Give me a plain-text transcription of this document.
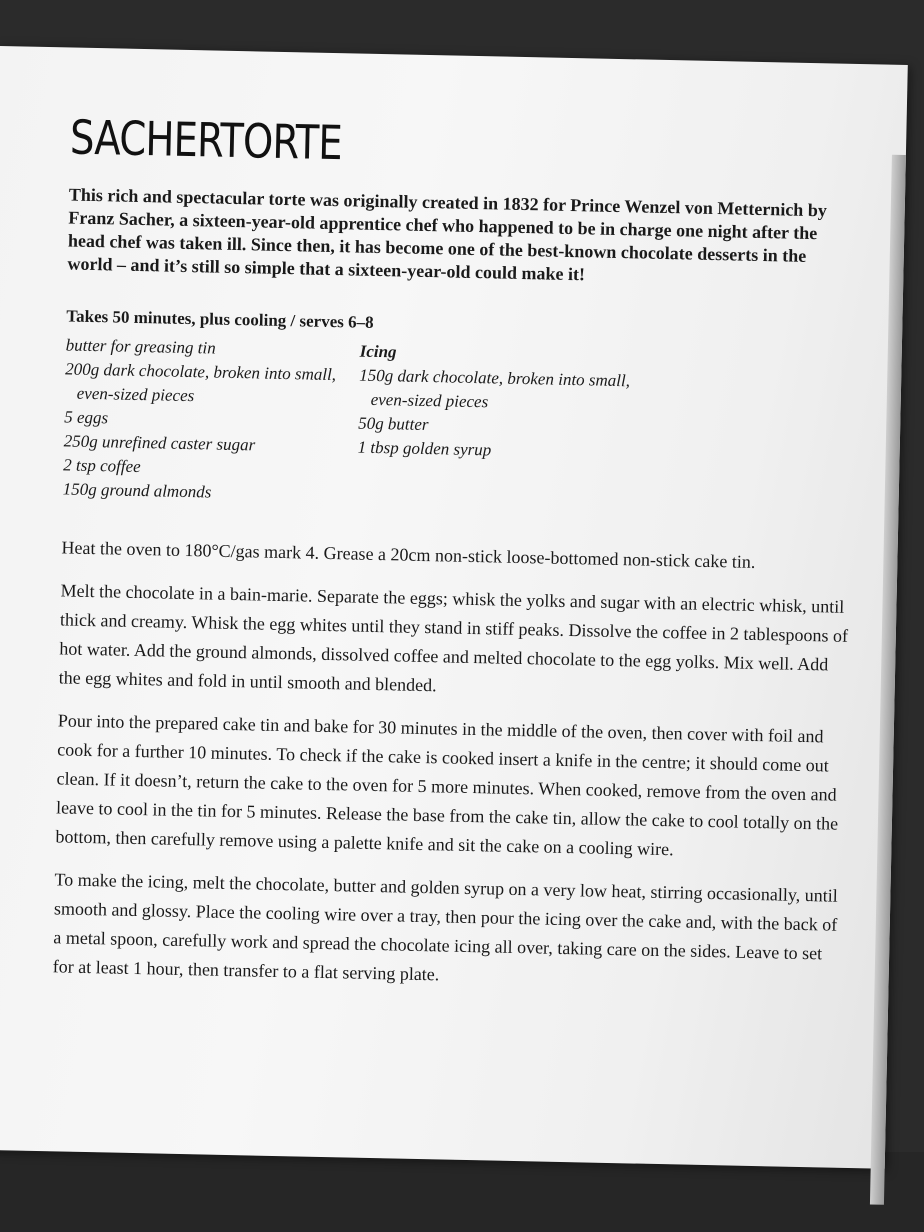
SACHERTORTE

This rich and spectacular torte was originally created in 1832 for Prince Wenzel von Metternich by Franz Sacher, a sixteen-year-old apprentice chef who happened to be in charge one night after the head chef was taken ill. Since then, it has become one of the best-known chocolate desserts in the world – and it’s still so simple that a sixteen-year-old could make it!

Takes 50 minutes, plus cooling / serves 6–8

butter for greasing tin
200g dark chocolate, broken into small, even-sized pieces
5 eggs
250g unrefined caster sugar
2 tsp coffee
150g ground almonds
Icing
150g dark chocolate, broken into small, even-sized pieces
50g butter
1 tbsp golden syrup

Heat the oven to 180°C/gas mark 4. Grease a 20cm non-stick loose-bottomed non-stick cake tin.

Melt the chocolate in a bain-marie. Separate the eggs; whisk the yolks and sugar with an electric whisk, until thick and creamy. Whisk the egg whites until they stand in stiff peaks. Dissolve the coffee in 2 tablespoons of hot water. Add the ground almonds, dissolved coffee and melted chocolate to the egg yolks. Mix well. Add the egg whites and fold in until smooth and blended.

Pour into the prepared cake tin and bake for 30 minutes in the middle of the oven, then cover with foil and cook for a further 10 minutes. To check if the cake is cooked insert a knife in the centre; it should come out clean. If it doesn’t, return the cake to the oven for 5 more minutes. When cooked, remove from the oven and leave to cool in the tin for 5 minutes. Release the base from the cake tin, allow the cake to cool totally on the bottom, then carefully remove using a palette knife and sit the cake on a cooling wire.

To make the icing, melt the chocolate, butter and golden syrup on a very low heat, stirring occasionally, until smooth and glossy. Place the cooling wire over a tray, then pour the icing over the cake and, with the back of a metal spoon, carefully work and spread the chocolate icing all over, taking care on the sides. Leave to set for at least 1 hour, then transfer to a flat serving plate.
